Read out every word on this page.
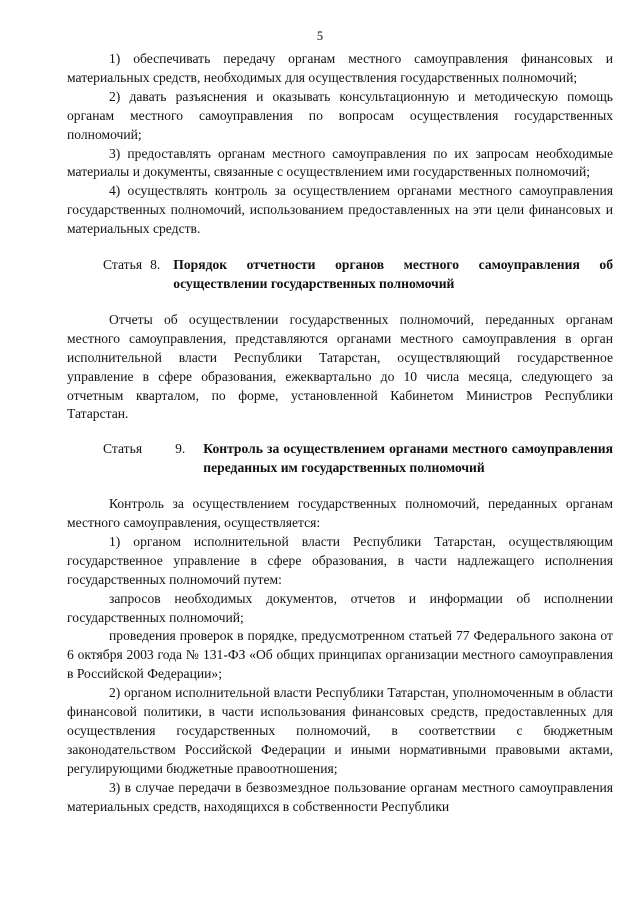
5

1) обеспечивать передачу органам местного самоуправления финансовых и материальных средств, необходимых для осуществления государственных полномочий;

2) давать разъяснения и оказывать консультационную и методическую помощь органам местного самоуправления по вопросам осуществления государственных полномочий;

3) предоставлять органам местного самоуправления по их запросам необходимые материалы и документы, связанные с осуществлением ими государственных полномочий;

4) осуществлять контроль за осуществлением органами местного самоуправления государственных полномочий, использованием предоставленных на эти цели финансовых и материальных средств.

Статья 8. Порядок отчетности органов местного самоуправления об осуществлении государственных полномочий

Отчеты об осуществлении государственных полномочий, переданных органам местного самоуправления, представляются органами местного самоуправления в орган исполнительной власти Республики Татарстан, осуществляющий государственное управление в сфере образования, ежеквартально до 10 числа месяца, следующего за отчетным кварталом, по форме, установленной Кабинетом Министров Республики Татарстан.

Статья 9. Контроль за осуществлением органами местного самоуправления переданных им государственных полномочий

Контроль за осуществлением государственных полномочий, переданных органам местного самоуправления, осуществляется:

1) органом исполнительной власти Республики Татарстан, осуществляющим государственное управление в сфере образования, в части надлежащего исполнения государственных полномочий путем:

запросов необходимых документов, отчетов и информации об исполнении государственных полномочий;

проведения проверок в порядке, предусмотренном статьей 77 Федерального закона от 6 октября 2003 года № 131-ФЗ «Об общих принципах организации местного самоуправления в Российской Федерации»;

2) органом исполнительной власти Республики Татарстан, уполномоченным в области финансовой политики, в части использования финансовых средств, предоставленных для осуществления государственных полномочий, в соответствии с бюджетным законодательством Российской Федерации и иными нормативными правовыми актами, регулирующими бюджетные правоотношения;

3) в случае передачи в безвозмездное пользование органам местного самоуправления материальных средств, находящихся в собственности Республики
